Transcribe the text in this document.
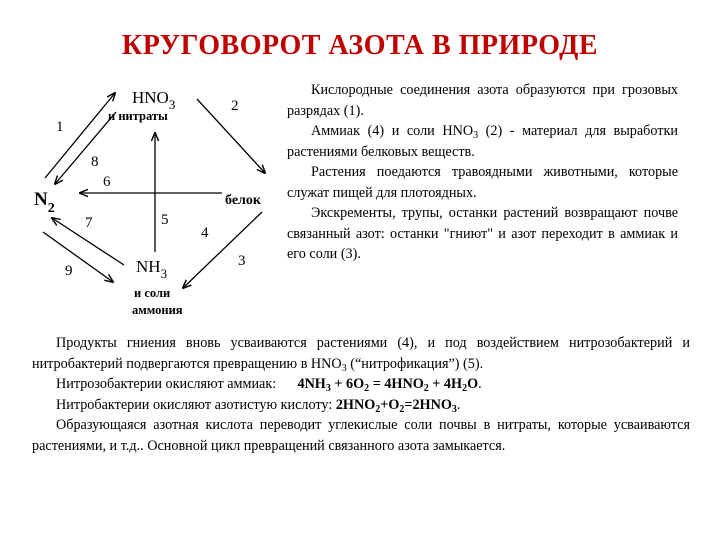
КРУГОВОРОТ АЗОТА В ПРИРОДЕ
$HNO_3$
и нитраты
$N_2$
белок
$NH_3$
и соли
аммония
1
2
3
4
5
6
7
8
9

Кислородные соединения азота образуются при грозовых разрядах (1).

Аммиак (4) и соли $HNO_3$ (2) - материал для выработки растениями белковых веществ.

Растения поедаются травоядными животными, которые служат пищей для плотоядных.

Экскременты, трупы, останки растений возвращают почве связанный азот: останки "гниют" и азот переходит в аммиак и его соли (3).

Продукты гниения вновь усваиваются растениями (4), и под воздействием нитрозобактерий и нитробактерий подвергаются превращению в $HNO_3$ (“нитрофикация”) (5).

Нитрозобактерии окисляют аммиак: $4NH_3 + 6O_2 = 4HNO_2 + 4H_2O$.

Нитробактерии окисляют азотистую кислоту: $2HNO_2+O_2=2HNO_3$.

Образующаяся азотная кислота переводит углекислые соли почвы в нитраты, которые усваиваются растениями, и т.д.. Основной цикл превращений связанного азота замыкается.
